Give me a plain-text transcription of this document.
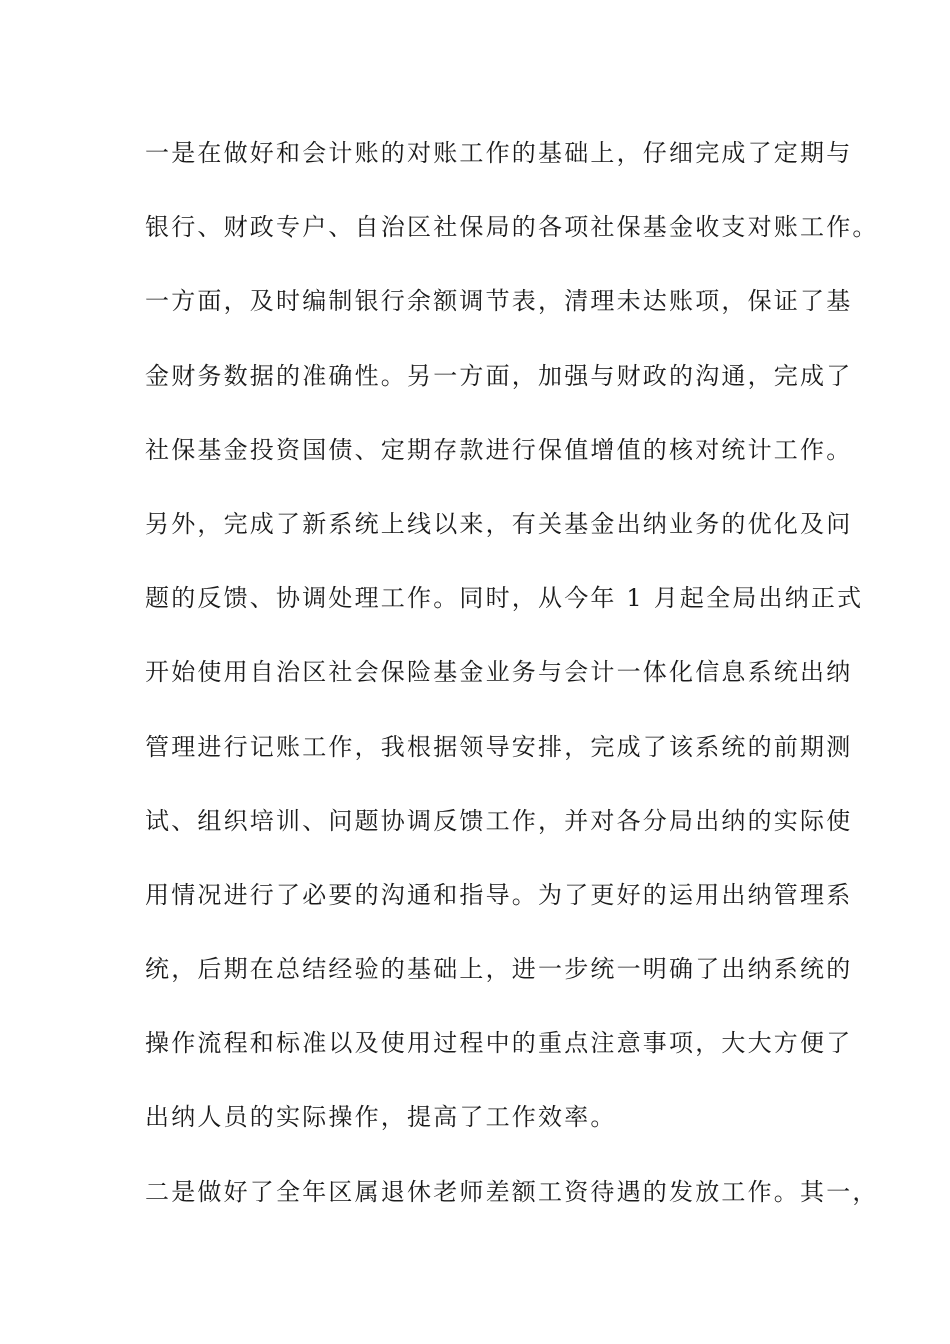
一是在做好和会计账的对账工作的基础上，仔细完成了定期与
银行、财政专户、自治区社保局的各项社保基金收支对账工作。
一方面，及时编制银行余额调节表，清理未达账项，保证了基
金财务数据的准确性。另一方面，加强与财政的沟通，完成了
社保基金投资国债、定期存款进行保值增值的核对统计工作。
另外，完成了新系统上线以来，有关基金出纳业务的优化及问
题的反馈、协调处理工作。同时，从今年 1 月起全局出纳正式
开始使用自治区社会保险基金业务与会计一体化信息系统出纳
管理进行记账工作，我根据领导安排，完成了该系统的前期测
试、组织培训、问题协调反馈工作，并对各分局出纳的实际使
用情况进行了必要的沟通和指导。为了更好的运用出纳管理系
统，后期在总结经验的基础上，进一步统一明确了出纳系统的
操作流程和标准以及使用过程中的重点注意事项，大大方便了
出纳人员的实际操作，提高了工作效率。
二是做好了全年区属退休老师差额工资待遇的发放工作。其一，
